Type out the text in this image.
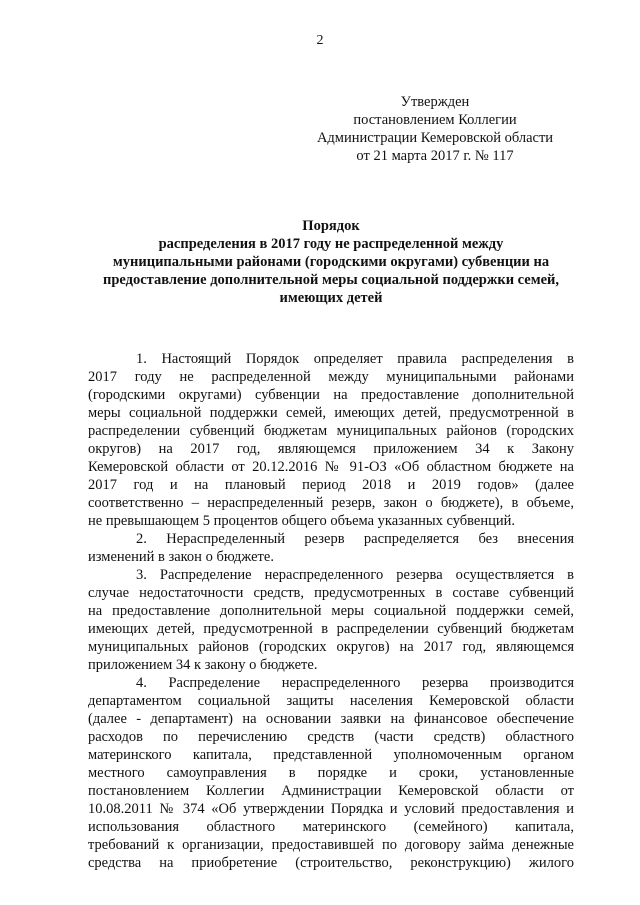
2
Утвержден
постановлением Коллегии
Администрации Кемеровской области
от 21 марта 2017 г. № 117
Порядок
распределения в 2017 году не распределенной между
муниципальными районами (городскими округами) субвенции на
предоставление дополнительной меры социальной поддержки семей,
имеющих детей
1. Настоящий Порядок определяет правила распределения в
2017 году не распределенной между муниципальными районами
(городскими округами) субвенции на предоставление дополнительной
меры социальной поддержки семей, имеющих детей, предусмотренной в
распределении субвенций бюджетам муниципальных районов (городских
округов) на 2017 год, являющемся приложением 34 к Закону
Кемеровской области от 20.12.2016 № 91-ОЗ «Об областном бюджете на
2017 год и на плановый период 2018 и 2019 годов» (далее
соответственно – нераспределенный резерв, закон о бюджете), в объеме,
не превышающем 5 процентов общего объема указанных субвенций.
2. Нераспределенный резерв распределяется без внесения
изменений в закон о бюджете.
3. Распределение нераспределенного резерва осуществляется в
случае недостаточности средств, предусмотренных в составе субвенций
на предоставление дополнительной меры социальной поддержки семей,
имеющих детей, предусмотренной в распределении субвенций бюджетам
муниципальных районов (городских округов) на 2017 год, являющемся
приложением 34 к закону о бюджете.
4. Распределение нераспределенного резерва производится
департаментом социальной защиты населения Кемеровской области
(далее - департамент) на основании заявки на финансовое обеспечение
расходов по перечислению средств (части средств) областного
материнского капитала, представленной уполномоченным органом
местного самоуправления в порядке и сроки, установленные
постановлением Коллегии Администрации Кемеровской области от
10.08.2011 № 374 «Об утверждении Порядка и условий предоставления и
использования областного материнского (семейного) капитала,
требований к организации, предоставившей по договору займа денежные
средства на приобретение (строительство, реконструкцию) жилого
